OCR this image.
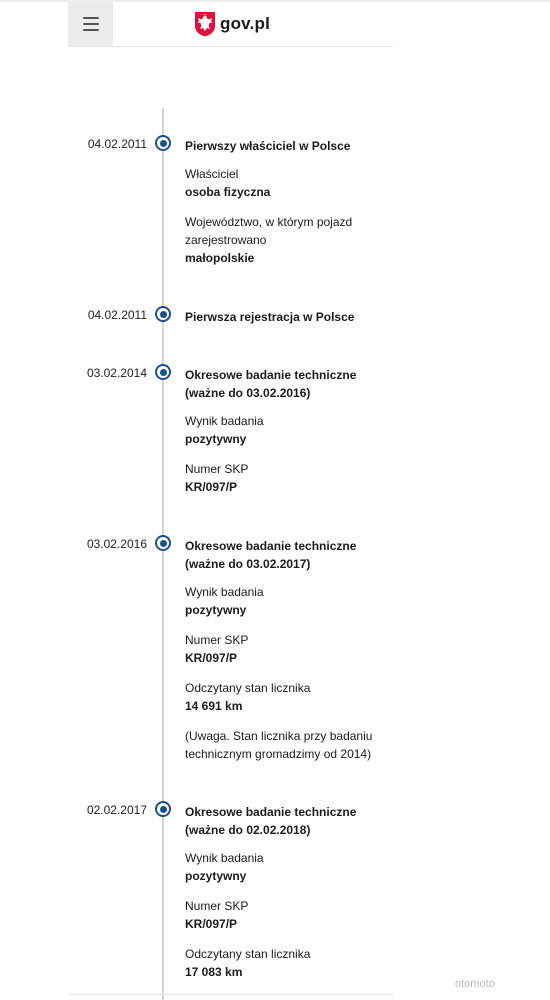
gov.pl
04.02.2011	Pierwszy właściciel w Polsce
Właściciel
osoba fizyczna
Województwo, w którym pojazd zarejestrowano
małopolskie
04.02.2011	Pierwsza rejestracja w Polsce
03.02.2014	Okresowe badanie techniczne (ważne do 03.02.2016)
Wynik badania
pozytywny
Numer SKP
KR/097/P
03.02.2016	Okresowe badanie techniczne (ważne do 03.02.2017)
Wynik badania
pozytywny
Numer SKP
KR/097/P
Odczytany stan licznika
14 691 km
(Uwaga. Stan licznika przy badaniu technicznym gromadzimy od 2014)
02.02.2017	Okresowe badanie techniczne (ważne do 02.02.2018)
Wynik badania
pozytywny
Numer SKP
KR/097/P
Odczytany stan licznika
17 083 km
otomoto
